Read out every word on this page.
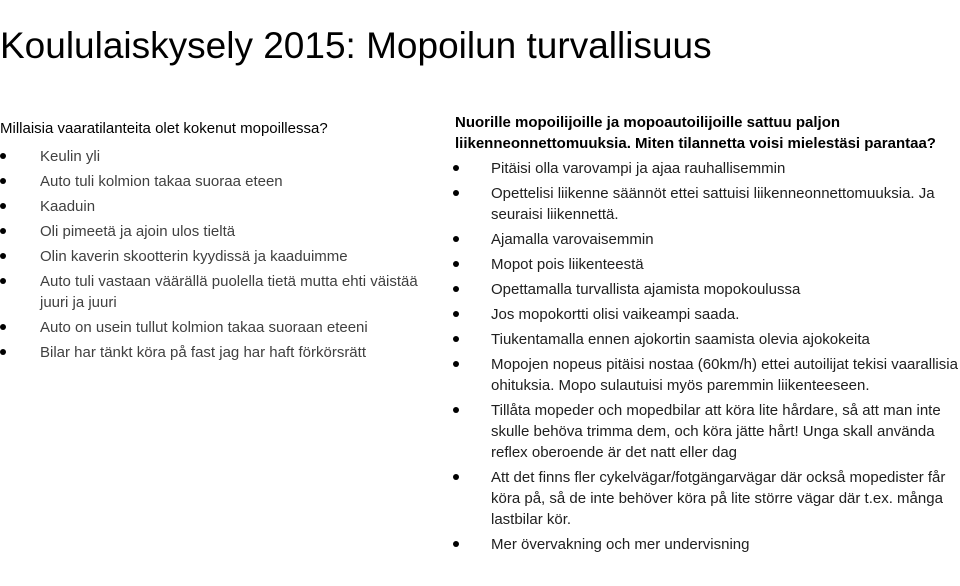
Koululaiskysely 2015: Mopoilun turvallisuus
Millaisia vaaratilanteita olet kokenut mopoillessa?
Keulin yli
Auto tuli kolmion takaa suoraa eteen
Kaaduin
Oli pimeetä ja ajoin ulos tieltä
Olin kaverin skootterin kyydissä ja kaaduimme
Auto tuli vastaan väärällä puolella tietä mutta ehti väistää juuri ja juuri
Auto on usein tullut kolmion takaa suoraan eteeni
Bilar har tänkt köra på fast jag har haft förkörsrätt
Nuorille mopoilijoille ja mopoautoilijoille sattuu paljon liikenneonnettomuuksia. Miten tilannetta voisi mielestäsi parantaa?
Pitäisi olla varovampi ja ajaa rauhallisemmin
Opettelisi liikenne säännöt ettei sattuisi liikenneonnettomuuksia. Ja seuraisi liikennettä.
Ajamalla varovaisemmin
Mopot pois liikenteestä
Opettamalla turvallista ajamista mopokoulussa
Jos mopokortti olisi vaikeampi saada.
Tiukentamalla ennen ajokortin saamista olevia ajokokeita
Mopojen nopeus pitäisi nostaa (60km/h) ettei autoilijat tekisi vaarallisia ohituksia. Mopo sulautuisi myös paremmin liikenteeseen.
Tillåta mopeder och mopedbilar att köra lite hårdare, så att man inte skulle behöva trimma dem, och köra jätte hårt! Unga skall använda reflex oberoende är det natt eller dag
Att det finns fler cykelvägar/fotgängarvägar där också mopedister får köra på, så de inte behöver köra på lite större vägar där t.ex. många lastbilar kör.
Mer övervakning och mer undervisning
